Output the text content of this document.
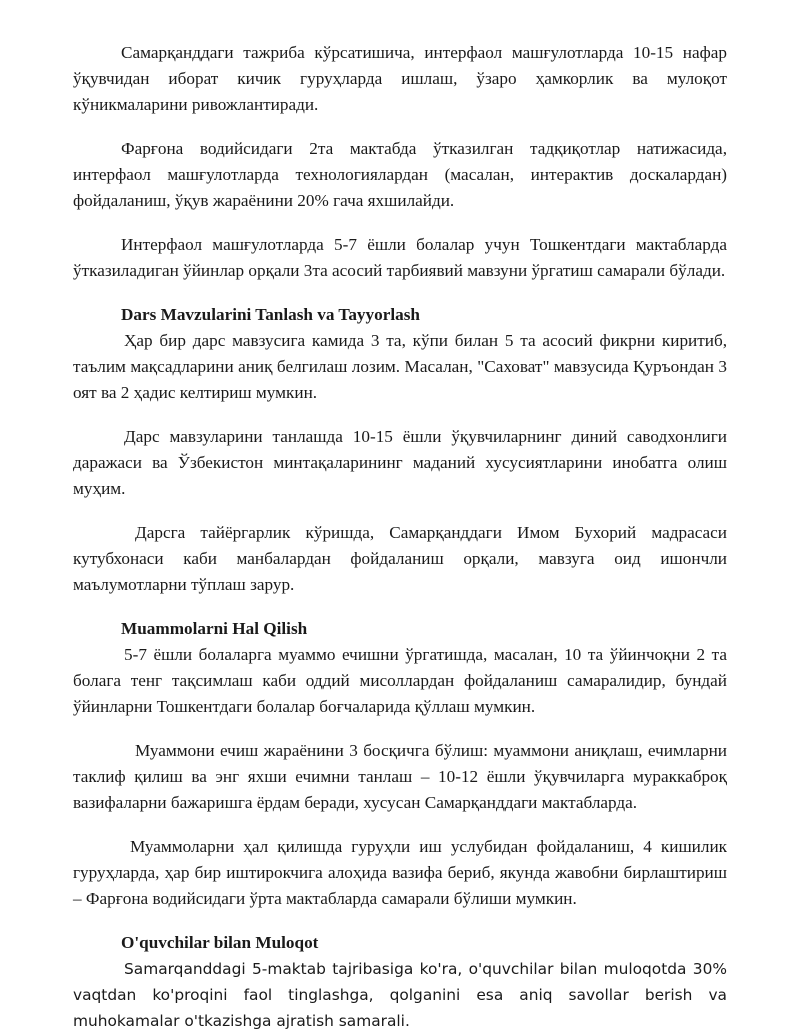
Самарқанддаги тажриба кўрсатишича, интерфаол машғулотларда 10-15 нафар ўқувчидан иборат кичик гуруҳларда ишлаш, ўзаро ҳамкорлик ва мулоқот кўникмаларини ривожлантиради.

Фарғона водийсидаги 2та мактабда ўтказилган тадқиқотлар натижасида, интерфаол машғулотларда технологиялардан (масалан, интерактив доскалардан) фойдаланиш, ўқув жараёнини 20% гача яхшилайди.

Интерфаол машғулотларда 5-7 ёшли болалар учун Тошкентдаги мактабларда ўтказиладиган ўйинлар орқали 3та асосий тарбиявий мавзуни ўргатиш самарали бўлади.

Dars Mavzularini Tanlash va Tayyorlash

Ҳар бир дарс мавзусига камида 3 та, кўпи билан 5 та асосий фикрни киритиб, таълим мақсадларини аниқ белгилаш лозим. Масалан, "Саховат" мавзусида Қуръондан 3 оят ва 2 ҳадис келтириш мумкин.

Дарс мавзуларини танлашда 10-15 ёшли ўқувчиларнинг диний саводхонлиги даражаси ва Ўзбекистон минтақаларининг маданий хусусиятларини инобатга олиш муҳим.

Дарсга тайёргарлик кўришда, Самарқанддаги Имом Бухорий мадрасаси кутубхонаси каби манбалардан фойдаланиш орқали, мавзуга оид ишончли маълумотларни тўплаш зарур.

Muammolarni Hal Qilish

5-7 ёшли болаларга муаммо ечишни ўргатишда, масалан, 10 та ўйинчоқни 2 та болага тенг тақсимлаш каби оддий мисоллардан фойдаланиш самаралидир, бундай ўйинларни Тошкентдаги болалар боғчаларида қўллаш мумкин.

Муаммони ечиш жараёнини 3 босқичга бўлиш: муаммони аниқлаш, ечимларни таклиф қилиш ва энг яхши ечимни танлаш – 10-12 ёшли ўқувчиларга мураккаброқ вазифаларни бажаришга ёрдам беради, хусусан Самарқанддаги мактабларда.

Муаммоларни ҳал қилишда гуруҳли иш услубидан фойдаланиш, 4 кишилик гуруҳларда, ҳар бир иштирокчига алоҳида вазифа бериб, якунда жавобни бирлаштириш – Фарғона водийсидаги ўрта мактабларда самарали бўлиши мумкин.

O'quvchilar bilan Muloqot

Samarqanddagi 5-maktab tajribasiga ko'ra, o'quvchilar bilan muloqotda 30% vaqtdan ko'proqini faol tinglashga, qolganini esa aniq savollar berish va muhokamalar o'tkazishga ajratish samarali.
